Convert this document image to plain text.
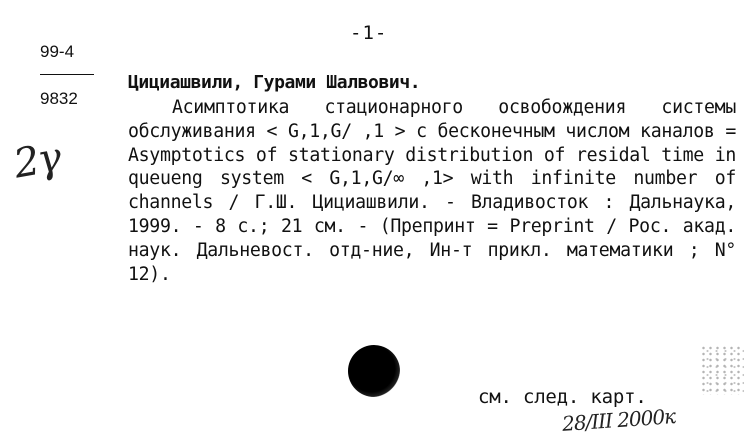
-1-
99-4
9832
2γ
Цициашвили, Гурами Шалвович.
Асимптотика стационарного освобождения системы обслуживания < G,1,G/ ,1 > с бесконечным числом каналов = Asymptotics of stationary distribution of residal time in queueng system < G,1,G/∞ ,1> with infinite number of channels / Г.Ш. Цициашвили. - Владивосток : Дальнаука, 1999. - 8 с.; 21 см. - (Препринт = Preprint / Рос. акад. наук. Дальневост. отд-ние, Ин-т прикл. математики ; N° 12).
см. след. карт.
28/III 2000к
